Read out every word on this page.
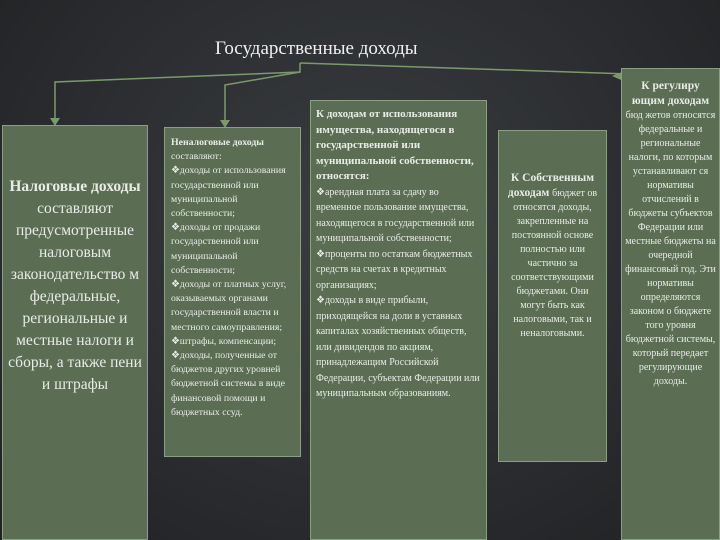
Государственные доходы
Налоговые доходы составляют предусмотренные налоговым законодательство м федеральные, региональные и местные налоги и сборы, а также пени и штрафы
Неналоговые доходы составляют:
❖доходы от использования государственной или муниципальной собственности;
❖доходы от продажи государственной или муниципальной собственности;
❖доходы от платных услуг, оказываемых органами государственной власти и местного самоуправления;
❖штрафы, компенсации;
❖доходы, полученные от бюджетов других уровней бюджетной системы в виде финансовой помощи и бюджетных ссуд.
К доходам от использования имущества, находящегося в государственной или муниципальной собственности, относятся:
❖арендная плата за сдачу во временное пользование имущества, находящегося в государственной или муниципальной собственности;
❖проценты по остаткам бюджетных средств на счетах в кредитных организациях;
❖доходы в виде прибыли, приходящейся на доли в уставных капиталах хозяйственных обществ, или дивидендов по акциям, принадлежащим Российской Федерации, субъектам Федерации или муниципальным образованиям.
К Собственным доходам бюджет ов относятся доходы, закрепленные на постоянной основе полностью или частично за соответствующими бюджетами. Они могут быть как налоговыми, так и неналоговыми.
К регулиру ющим доходам бюд жетов относятся федеральные и региональные налоги, по которым устанавливают ся нормативы отчислений в бюджеты субъектов Федерации или местные бюджеты на очередной финансовый год. Эти нормативы определяются законом о бюджете того уровня бюджетной системы, который передает регулирующие доходы.
